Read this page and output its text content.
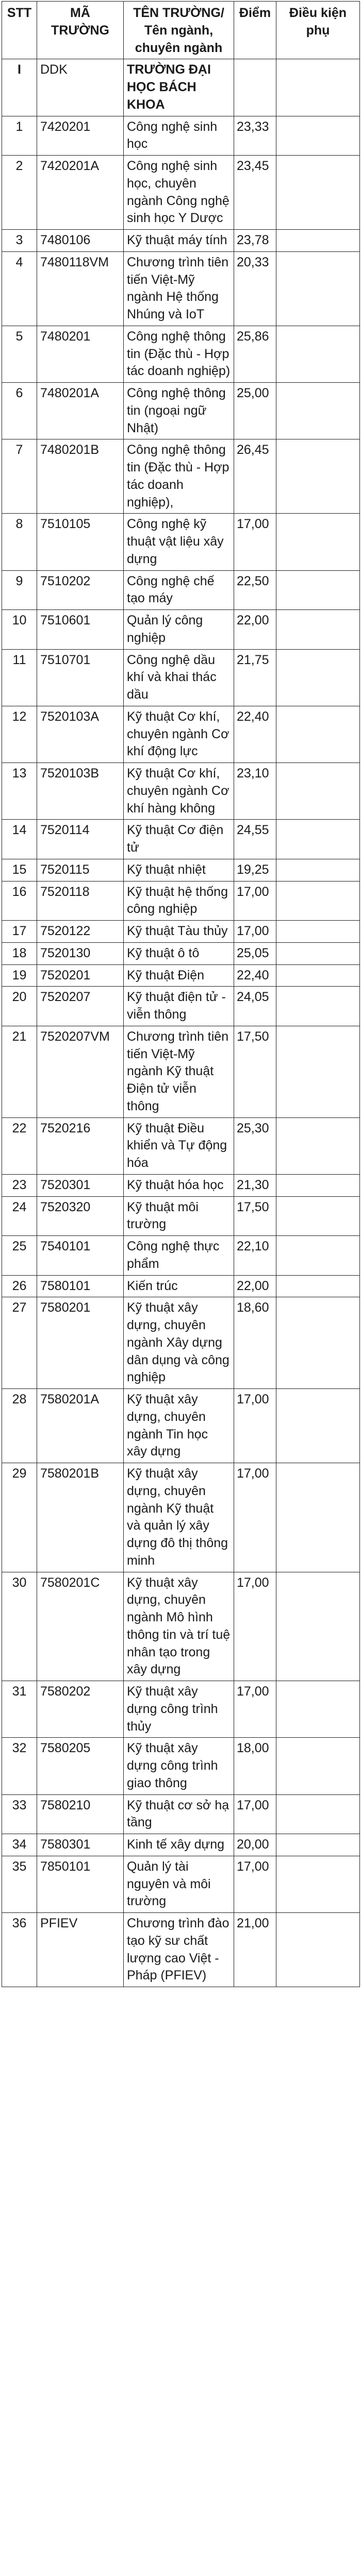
STT	MÃ TRƯỜNG	TÊN TRƯỜNG/ Tên ngành, chuyên ngành	Điểm	Điều kiện phụ
I	DDK	TRƯỜNG ĐẠI HỌC BÁCH KHOA		
1	7420201	Công nghệ sinh học	23,33	
2	7420201A	Công nghệ sinh học, chuyên ngành Công nghệ sinh học Y Dược	23,45	
3	7480106	Kỹ thuật máy tính	23,78	
4	7480118VM	Chương trình tiên tiến Việt-Mỹ ngành Hệ thống Nhúng và IoT	20,33	
5	7480201	Công nghệ thông tin (Đặc thù - Hợp tác doanh nghiệp)	25,86	
6	7480201A	Công nghệ thông tin (ngoại ngữ Nhật)	25,00	
7	7480201B	Công nghệ thông tin (Đặc thù - Hợp tác doanh nghiệp),	26,45	
8	7510105	Công nghệ kỹ thuật vật liệu xây dựng	17,00	
9	7510202	Công nghệ chế tạo máy	22,50	
10	7510601	Quản lý công nghiệp	22,00	
11	7510701	Công nghệ dầu khí và khai thác dầu	21,75	
12	7520103A	Kỹ thuật Cơ khí, chuyên ngành Cơ khí động lực	22,40	
13	7520103B	Kỹ thuật Cơ khí, chuyên ngành Cơ khí hàng không	23,10	
14	7520114	Kỹ thuật Cơ điện tử	24,55	
15	7520115	Kỹ thuật nhiệt	19,25	
16	7520118	Kỹ thuật hệ thống công nghiệp	17,00	
17	7520122	Kỹ thuật Tàu thủy	17,00	
18	7520130	Kỹ thuật ô tô	25,05	
19	7520201	Kỹ thuật Điện	22,40	
20	7520207	Kỹ thuật điện tử - viễn thông	24,05	
21	7520207VM	Chương trình tiên tiến Việt-Mỹ ngành Kỹ thuật Điện tử viễn thông	17,50	
22	7520216	Kỹ thuật Điều khiển và Tự động hóa	25,30	
23	7520301	Kỹ thuật hóa học	21,30	
24	7520320	Kỹ thuật môi trường	17,50	
25	7540101	Công nghệ thực phẩm	22,10	
26	7580101	Kiến trúc	22,00	
27	7580201	Kỹ thuật xây dựng, chuyên ngành Xây dựng dân dụng và công nghiệp	18,60	
28	7580201A	Kỹ thuật xây dựng, chuyên ngành Tin học xây dựng	17,00	
29	7580201B	Kỹ thuật xây dựng, chuyên ngành Kỹ thuật và quản lý xây dựng đô thị thông minh	17,00	
30	7580201C	Kỹ thuật xây dựng, chuyên ngành Mô hình thông tin và trí tuệ nhân tạo trong xây dựng	17,00	
31	7580202	Kỹ thuật xây dựng công trình thủy	17,00	
32	7580205	Kỹ thuật xây dựng công trình giao thông	18,00	
33	7580210	Kỹ thuật cơ sở hạ tầng	17,00	
34	7580301	Kinh tế xây dựng	20,00	
35	7850101	Quản lý tài nguyên và môi trường	17,00	
36	PFIEV	Chương trình đào tạo kỹ sư chất lượng cao Việt - Pháp (PFIEV)	21,00	
